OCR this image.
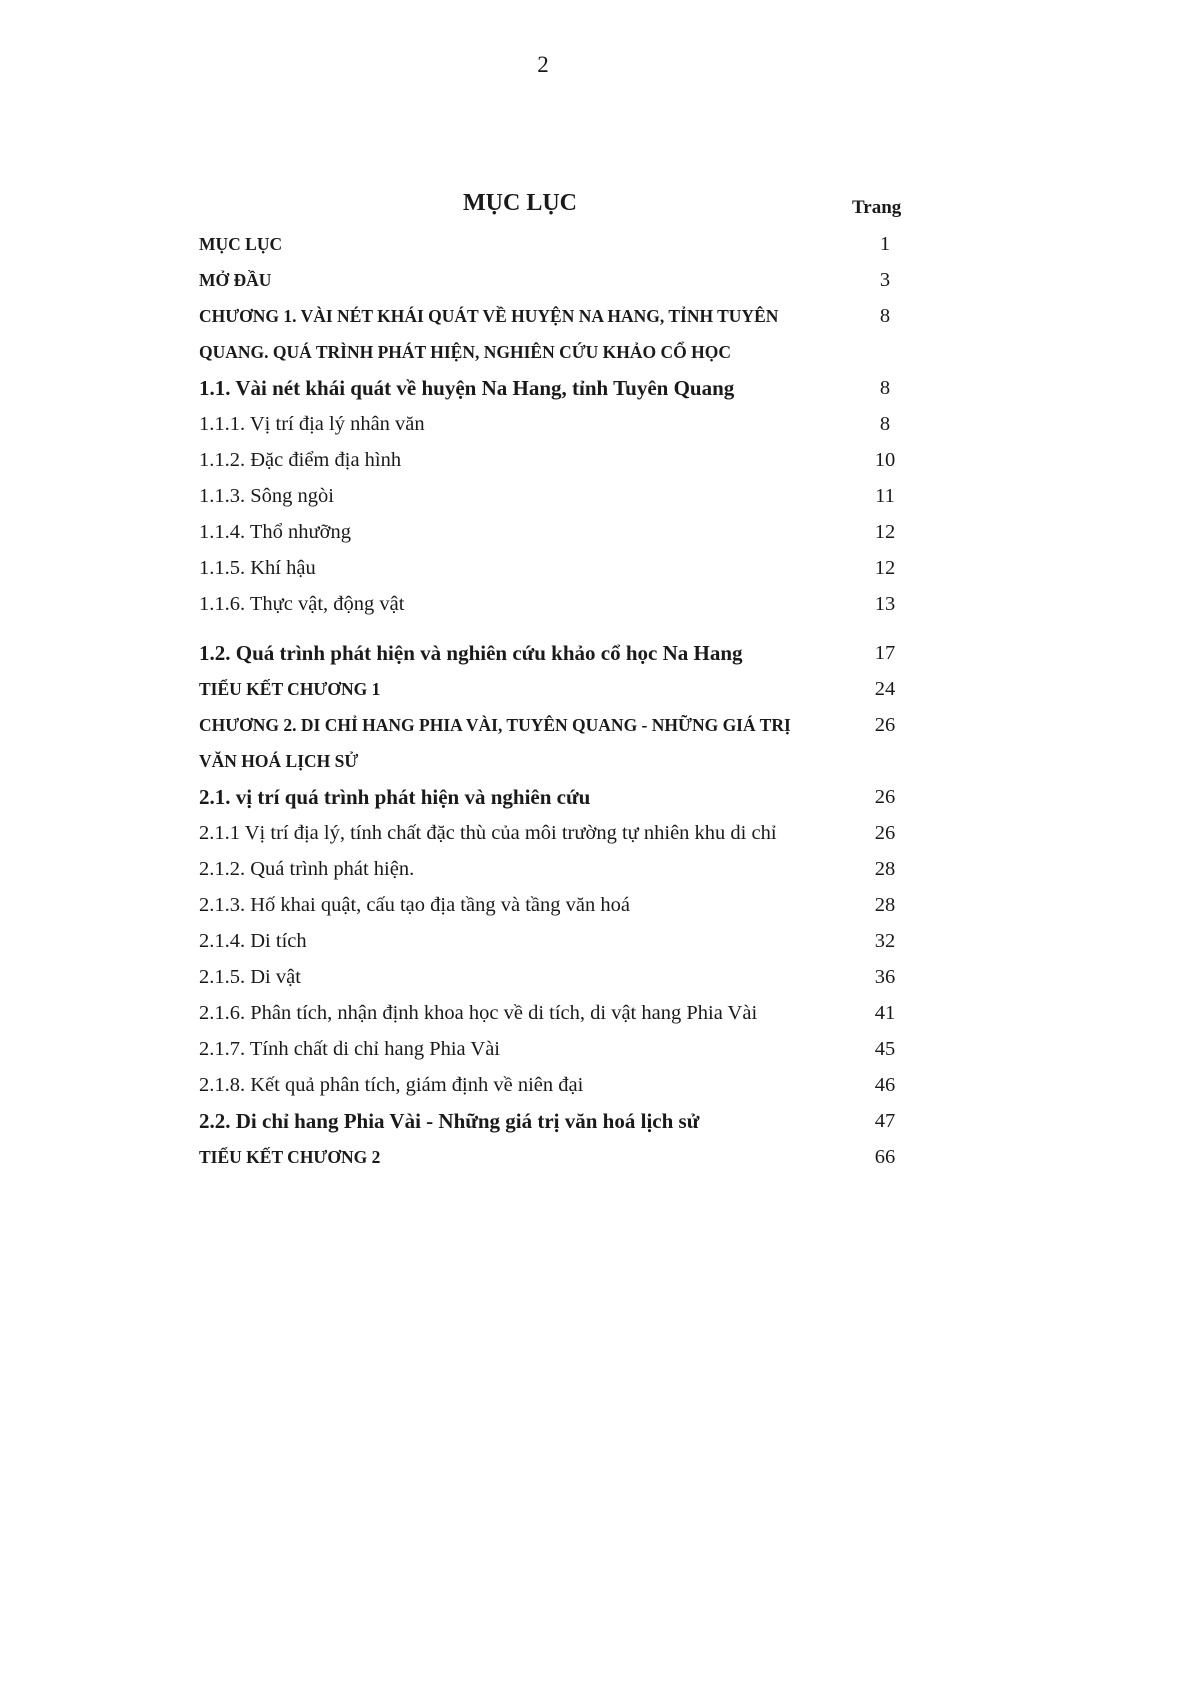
2
MỤC LỤC	Trang
MỤC LỤC	1
MỞ ĐẦU	3
CHƯƠNG 1. VÀI NÉT KHÁI QUÁT VỀ HUYỆN NA HANG, TỈNH TUYÊN	8
QUANG. QUÁ TRÌNH PHÁT HIỆN, NGHIÊN CỨU KHẢO CỔ HỌC
1.1. Vài nét khái quát về huyện Na Hang, tỉnh Tuyên Quang	8
1.1.1. Vị trí địa lý nhân văn	8
1.1.2. Đặc điểm địa hình	10
1.1.3. Sông ngòi	11
1.1.4. Thổ nhưỡng	12
1.1.5. Khí hậu	12
1.1.6. Thực vật, động vật	13
1.2. Quá trình phát hiện và nghiên cứu khảo cổ học Na Hang	17
TIỂU KẾT CHƯƠNG 1	24
CHƯƠNG 2. DI CHỈ HANG PHIA VÀI, TUYÊN QUANG - NHỮNG GIÁ TRỊ	26
VĂN HOÁ LỊCH SỬ
2.1. vị trí quá trình phát hiện và nghiên cứu	26
2.1.1 Vị trí địa lý, tính chất đặc thù của môi trường tự nhiên khu di chỉ	26
2.1.2. Quá trình phát hiện.	28
2.1.3. Hố khai quật, cấu tạo địa tầng và tầng văn hoá	28
2.1.4. Di tích	32
2.1.5. Di vật	36
2.1.6. Phân tích, nhận định khoa học về di tích, di vật hang Phia Vài	41
2.1.7. Tính chất di chỉ hang Phia Vài	45
2.1.8. Kết quả phân tích, giám định về niên đại	46
2.2. Di chỉ hang Phia Vài - Những giá trị văn hoá lịch sử	47
TIỂU KẾT CHƯƠNG 2	66
